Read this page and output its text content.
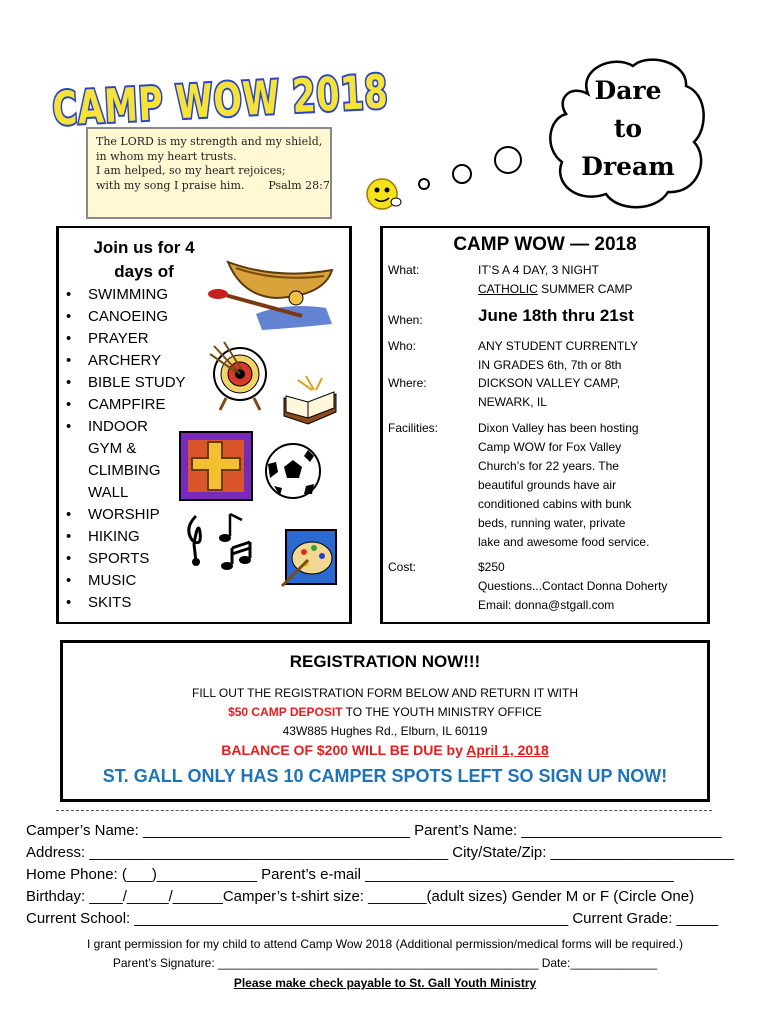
CAMP WOW 2018
The LORD is my strength and my shield,
in whom my heart trusts.
I am helped, so my heart rejoices;
with my song I praise him. Psalm 28:7
Dare
to
Dream
Join us for 4
days of
• SWIMMING
• CANOEING
• PRAYER
• ARCHERY
• BIBLE STUDY
• CAMPFIRE
• INDOOR
GYM &
CLIMBING
WALL
• WORSHIP
• HIKING
• SPORTS
• MUSIC
• SKITS
CAMP WOW — 2018
What:	IT’S A 4 DAY, 3 NIGHT
CATHOLIC SUMMER CAMP
When:	June 18th thru 21st
Who:	ANY STUDENT CURRENTLY
IN GRADES 6th, 7th or 8th
Where:	DICKSON VALLEY CAMP,
NEWARK, IL
Facilities:	Dixon Valley has been hosting
Camp WOW for Fox Valley
Church’s for 22 years. The
beautiful grounds have air
conditioned cabins with bunk
beds, running water, private
lake and awesome food service.
Cost:	$250
Questions...Contact Donna Doherty
Email: donna@stgall.com
REGISTRATION NOW!!!
FILL OUT THE REGISTRATION FORM BELOW AND RETURN IT WITH
$50 CAMP DEPOSIT TO THE YOUTH MINISTRY OFFICE
43W885 Hughes Rd., Elburn, IL 60119
BALANCE OF $200 WILL BE DUE by April 1, 2018
ST. GALL ONLY HAS 10 CAMPER SPOTS LEFT SO SIGN UP NOW!
Camper’s Name: ________________________________ Parent’s Name: ________________________
Address: ___________________________________________ City/State/Zip: ______________________
Home Phone: (___)____________ Parent’s e-mail _____________________________________
Birthday: ____/_____/______Camper’s t-shirt size: _______(adult sizes) Gender M or F (Circle One)
Current School: ____________________________________________________ Current Grade: _____
I grant permission for my child to attend Camp Wow 2018 (Additional permission/medical forms will be required.)
Parent’s Signature: ________________________________________________ Date:_____________
Please make check payable to St. Gall Youth Ministry
